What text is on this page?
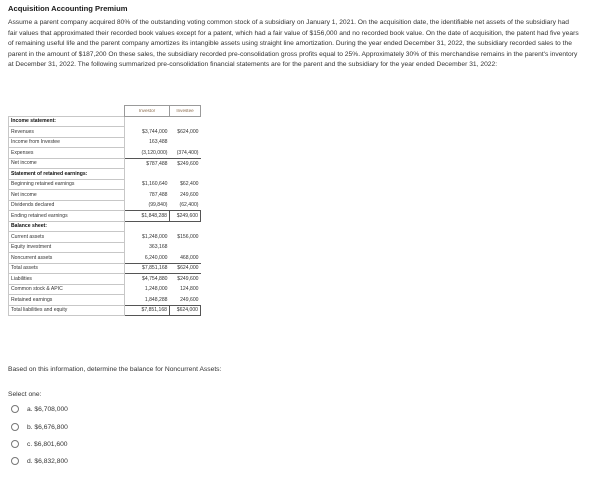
Acquisition Accounting Premium
Assume a parent company acquired 80% of the outstanding voting common stock of a subsidiary on January 1, 2021. On the acquisition date, the identifiable net assets of the subsidiary had fair values that approximated their recorded book values except for a patent, which had a fair value of $156,000 and no recorded book value. On the date of acquisition, the patent had five years of remaining useful life and the parent company amortizes its intangible assets using straight line amortization. During the year ended December 31, 2022, the subsidiary recorded sales to the parent in the amount of $187,200 On these sales, the subsidiary recorded pre-consolidation gross profits equal to 25%. Approximately 30% of this merchandise remains in the parent's inventory at December 31, 2022. The following summarized pre-consolidation financial statements are for the parent and the subsidiary for the year ended December 31, 2022:
	Investor	Investee
Income statement:		
Revenues	$3,744,000	$624,000
Income from Investee	163,488	
Expenses	(3,120,000)	(374,400)
Net income	$787,488	$249,600
Statement of retained earnings:		
Beginning retained earnings	$1,160,640	$62,400
Net income	787,488	249,600
Dividends declared	(99,840)	(62,400)
Ending retained earnings	$1,848,288	$249,600
Balance sheet:		
Current assets	$1,248,000	$156,000
Equity investment	363,168	
Noncurrent assets	6,240,000	468,000
Total assets	$7,851,168	$624,000
Liabilities	$4,754,880	$249,600
Common stock & APIC	1,248,000	124,800
Retained earnings	1,848,288	249,600
Total liabilities and equity	$7,851,168	$624,000
Based on this information, determine the balance for Noncurrent Assets:
Select one:
a. $6,708,000
b. $6,676,800
c. $6,801,600
d. $6,832,800
